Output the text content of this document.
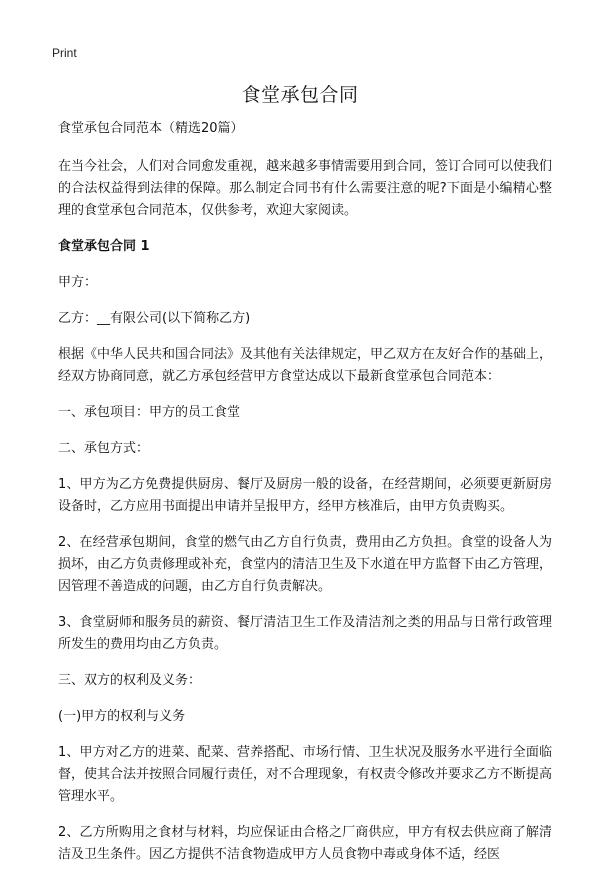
Print
食堂承包合同

食堂承包合同范本（精选20篇）

在当今社会，人们对合同愈发重视，越来越多事情需要用到合同，签订合同可以使我们的合法权益得到法律的保障。那么制定合同书有什么需要注意的呢?下面是小编精心整理的食堂承包合同范本，仅供参考，欢迎大家阅读。

食堂承包合同 1

甲方：

乙方：__有限公司(以下简称乙方)

根据《中华人民共和国合同法》及其他有关法律规定，甲乙双方在友好合作的基础上，经双方协商同意，就乙方承包经营甲方食堂达成以下最新食堂承包合同范本：

一、承包项目：甲方的员工食堂

二、承包方式：

1、甲方为乙方免费提供厨房、餐厅及厨房一般的设备，在经营期间，必须要更新厨房设备时，乙方应用书面提出申请并呈报甲方，经甲方核准后，由甲方负责购买。

2、在经营承包期间，食堂的燃气由乙方自行负责，费用由乙方负担。食堂的设备人为损坏，由乙方负责修理或补充，食堂内的清洁卫生及下水道在甲方监督下由乙方管理，因管理不善造成的问题，由乙方自行负责解决。

3、食堂厨师和服务员的薪资、餐厅清洁卫生工作及清洁剂之类的用品与日常行政管理所发生的费用均由乙方负责。

三、双方的权利及义务：

(一)甲方的权利与义务

1、甲方对乙方的进菜、配菜、营养搭配、市场行情、卫生状况及服务水平进行全面临督，使其合法并按照合同履行责任，对不合理现象，有权责令修改并要求乙方不断提高管理水平。

2、乙方所购用之食材与材料，均应保证由合格之厂商供应，甲方有权去供应商了解清洁及卫生条件。因乙方提供不洁食物造成甲方人员食物中毒或身体不适，经医
